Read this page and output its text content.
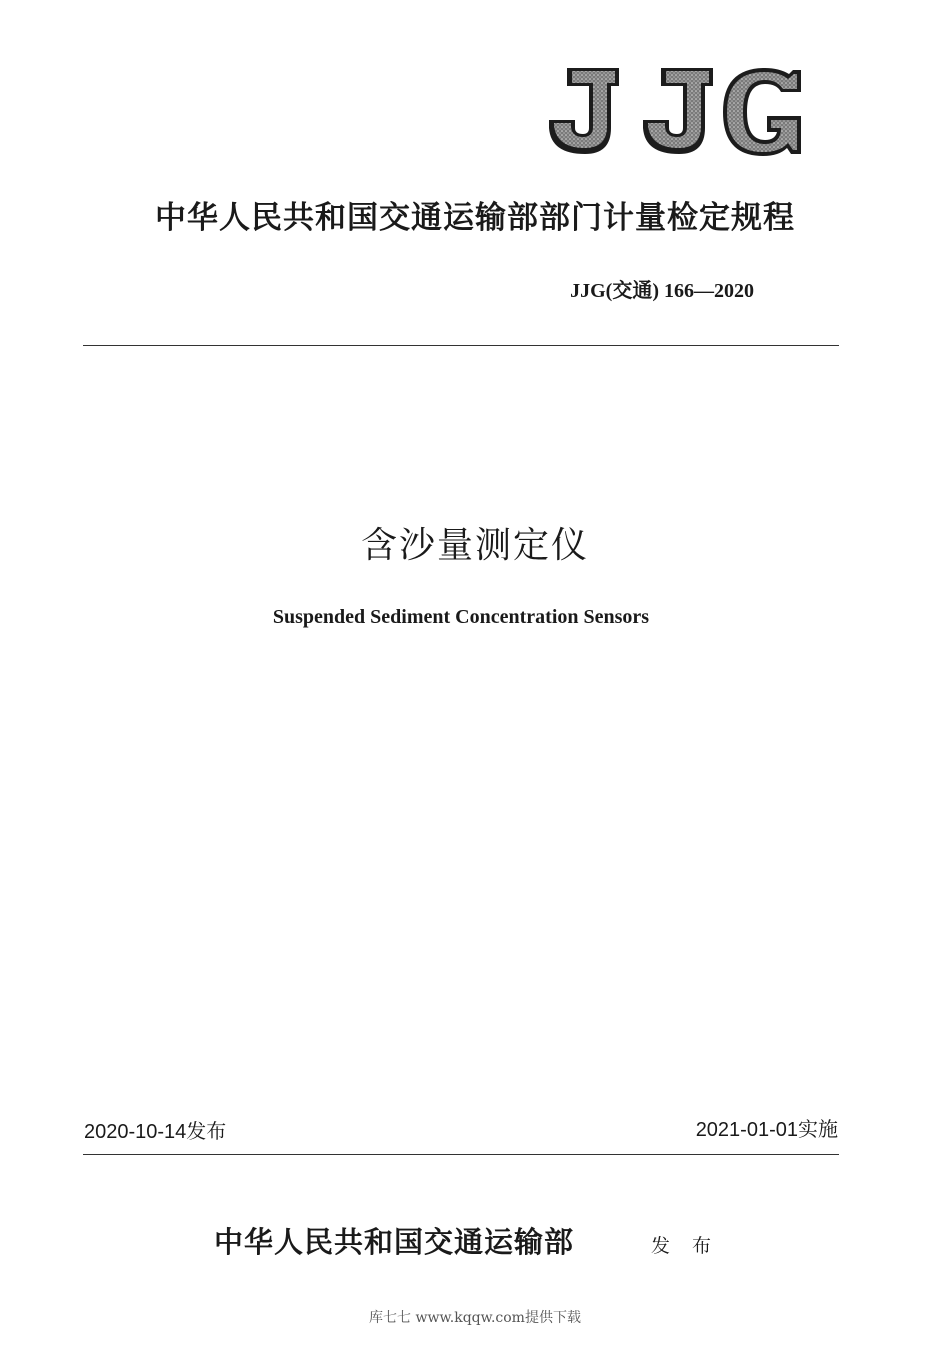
中华人民共和国交通运输部部门计量检定规程
JJG(交通) 166—2020
含沙量测定仪
Suspended Sediment Concentration Sensors
2020-10-14发布	2021-01-01实施
中华人民共和国交通运输部	发 布
库七七 www.kqqw.com提供下载
